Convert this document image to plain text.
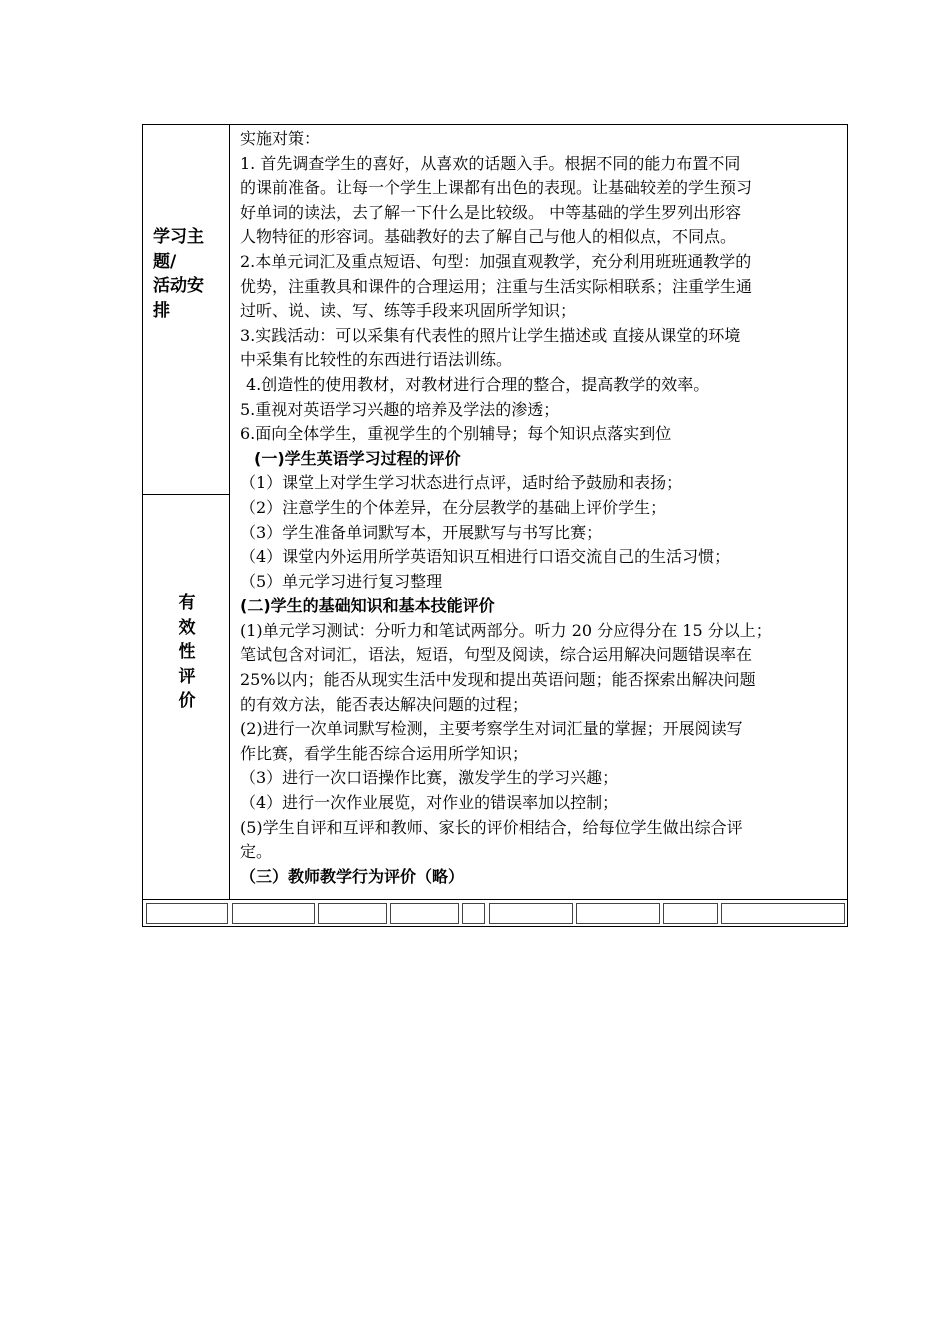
学习主
题/
活动安
排
有
效
性
评
价
实施对策：
1. 首先调查学生的喜好，从喜欢的话题入手。根据不同的能力布置不同
的课前准备。让每一个学生上课都有出色的表现。让基础较差的学生预习
好单词的读法，去了解一下什么是比较级。 中等基础的学生罗列出形容
人物特征的形容词。基础教好的去了解自己与他人的相似点，不同点。
2.本单元词汇及重点短语、句型：加强直观教学，充分利用班班通教学的
优势，注重教具和课件的合理运用；注重与生活实际相联系；注重学生通
过听、说、读、写、练等手段来巩固所学知识；
3.实践活动：可以采集有代表性的照片让学生描述或 直接从课堂的环境
中采集有比较性的东西进行语法训练。
4.创造性的使用教材，对教材进行合理的整合，提高教学的效率。
5.重视对英语学习兴趣的培养及学法的渗透；
6.面向全体学生，重视学生的个别辅导；每个知识点落实到位
(一)学生英语学习过程的评价
（1）课堂上对学生学习状态进行点评，适时给予鼓励和表扬；
（2）注意学生的个体差异，在分层教学的基础上评价学生；
（3）学生准备单词默写本，开展默写与书写比赛；
（4）课堂内外运用所学英语知识互相进行口语交流自己的生活习惯；
（5）单元学习进行复习整理
(二)学生的基础知识和基本技能评价
(1)单元学习测试：分听力和笔试两部分。听力 20 分应得分在 15 分以上；
笔试包含对词汇，语法，短语，句型及阅读，综合运用解决问题错误率在
25%以内；能否从现实生活中发现和提出英语问题；能否探索出解决问题
的有效方法，能否表达解决问题的过程；
(2)进行一次单词默写检测，主要考察学生对词汇量的掌握；开展阅读写
作比赛，看学生能否综合运用所学知识；
（3）进行一次口语操作比赛，激发学生的学习兴趣；
（4）进行一次作业展览，对作业的错误率加以控制；
(5)学生自评和互评和教师、家长的评价相结合，给每位学生做出综合评
定。
（三）教师教学行为评价（略）
